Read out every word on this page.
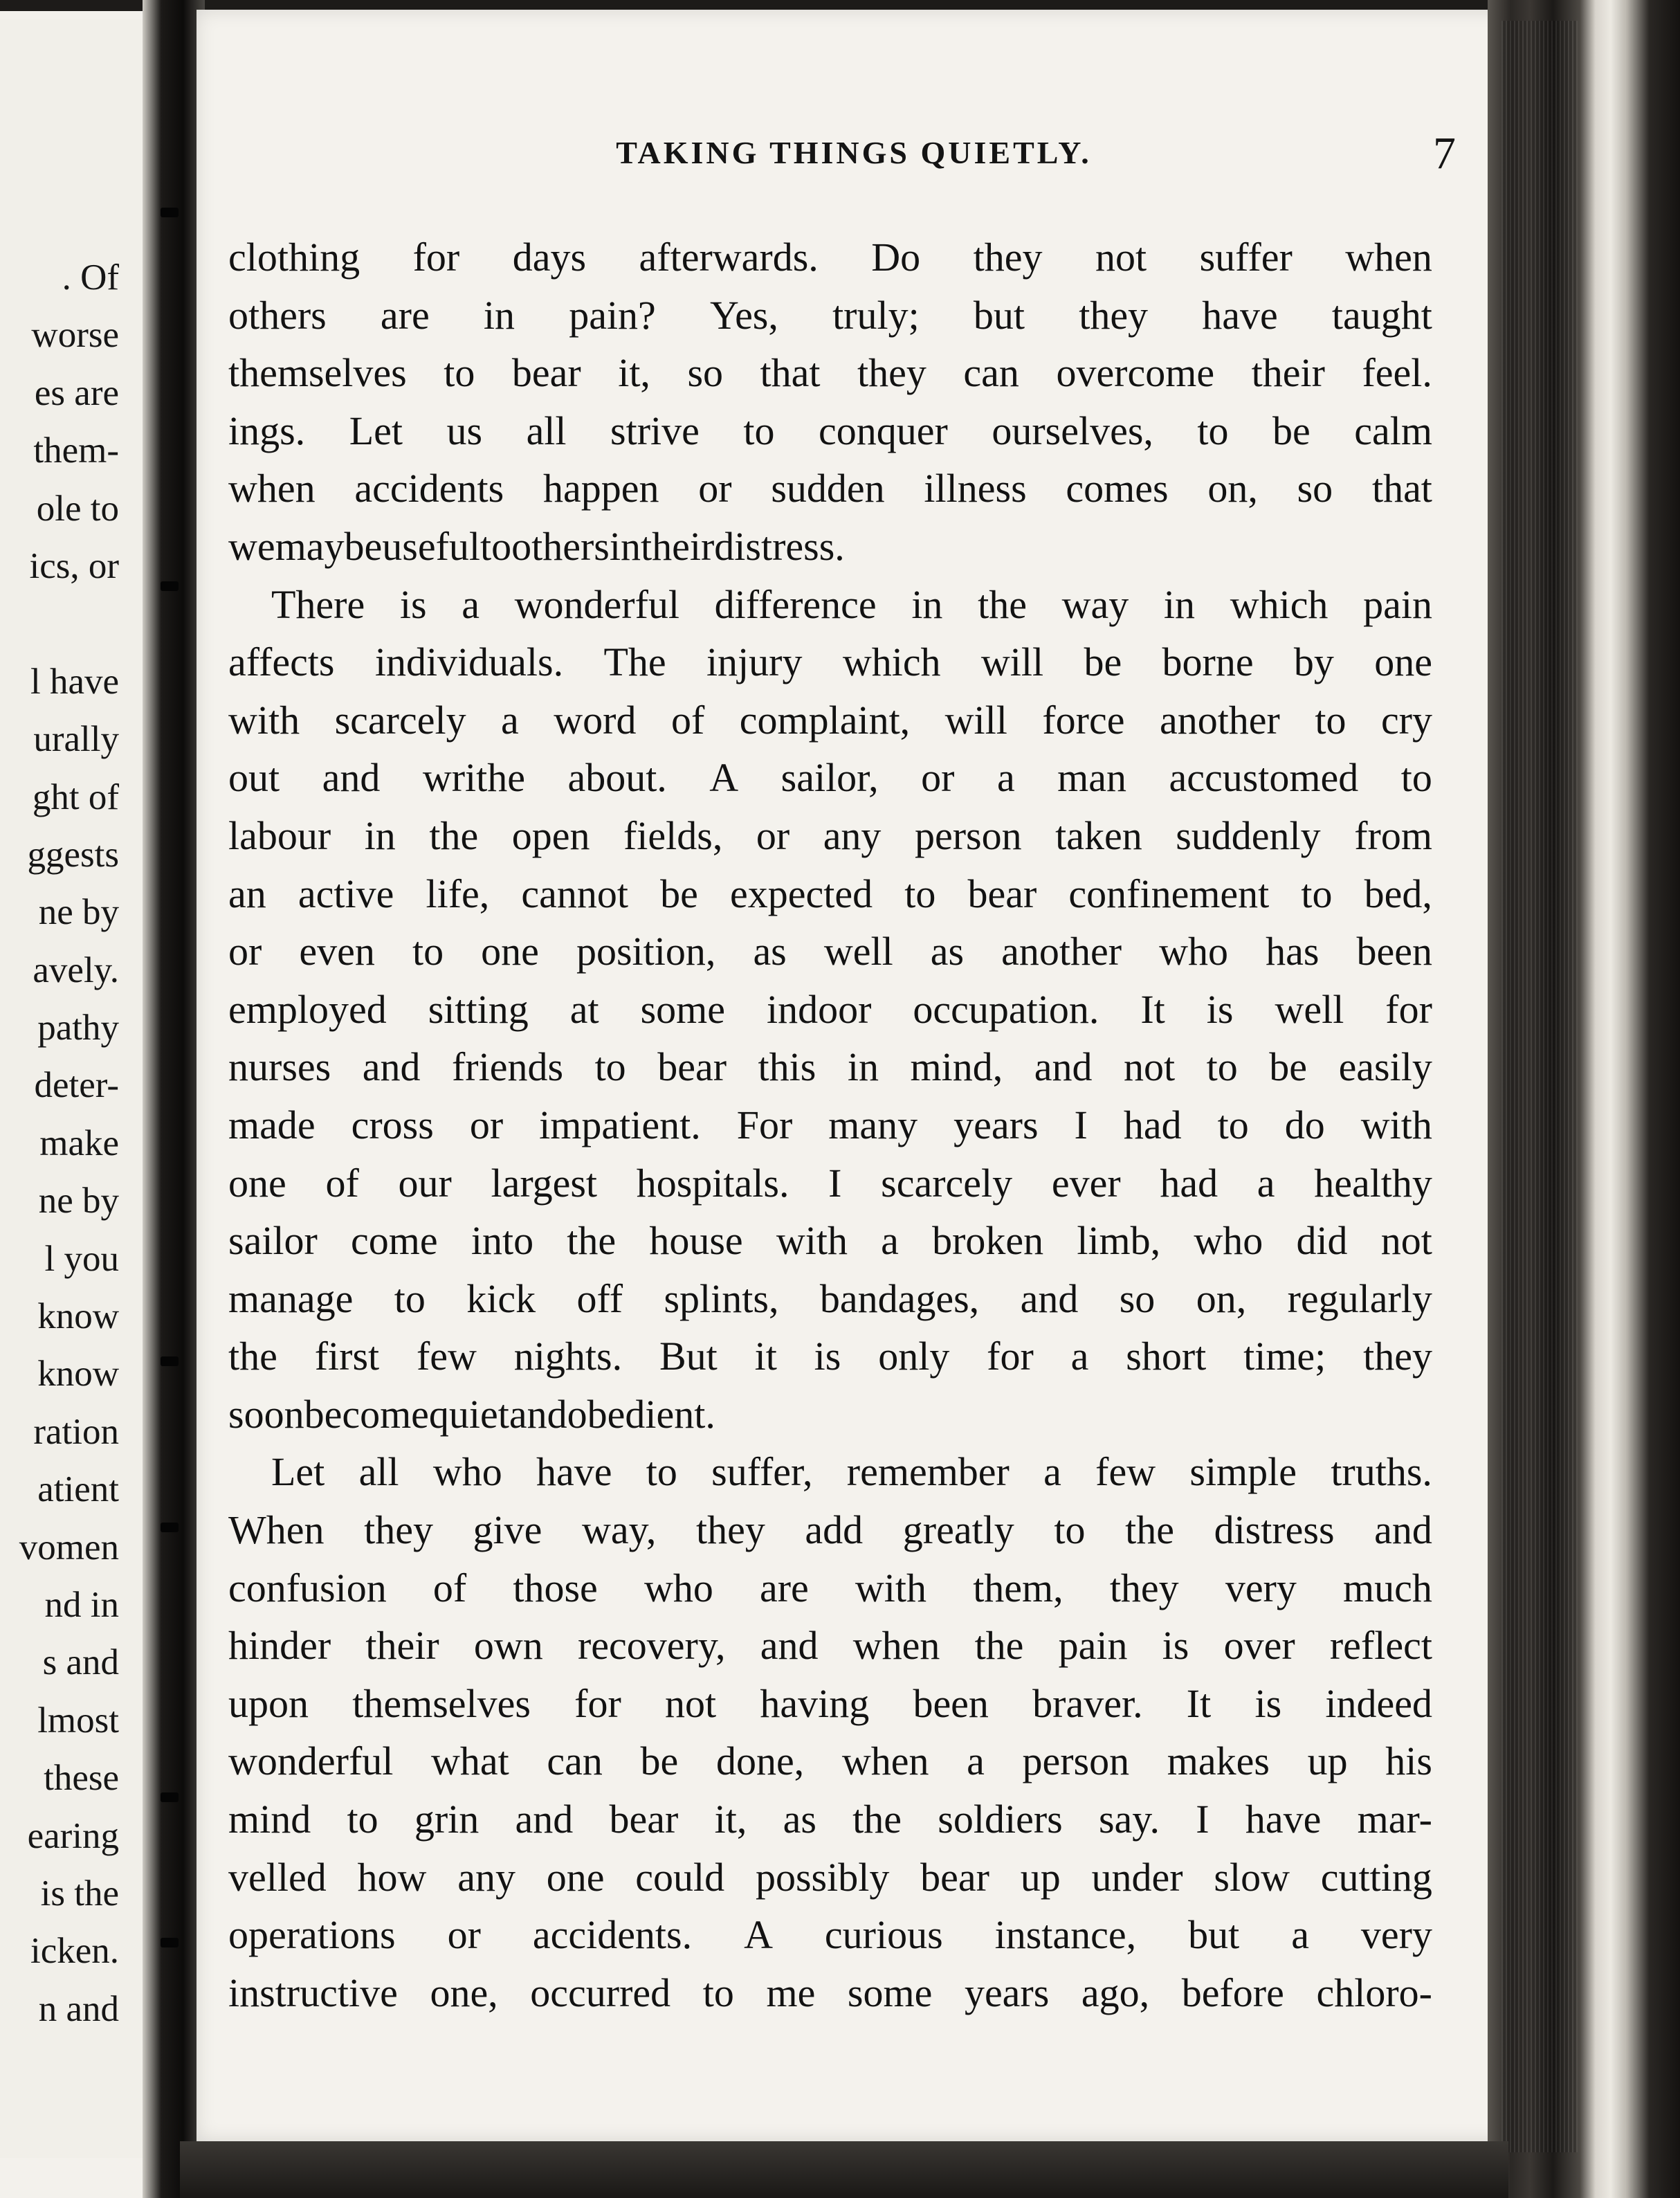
. Of
worse
es are
them-
ole to
ics, or
l have
urally
ght of
ggests
ne by
avely.
pathy
deter-
make
ne by
l you
know
know
ration
atient
vomen
nd in
s and
lmost
these
earing
is the
icken.
n and
TAKING THINGS QUIETLY.	7
clothing for days afterwards. Do they not suffer when
others are in pain? Yes, truly; but they have taught
themselves to bear it, so that they can overcome their feel.
ings. Let us all strive to conquer ourselves, to be calm
when accidents happen or sudden illness comes on, so that
we may be useful to others in their distress.
There is a wonderful difference in the way in which pain
affects individuals. The injury which will be borne by one
with scarcely a word of complaint, will force another to cry
out and writhe about. A sailor, or a man accustomed to
labour in the open fields, or any person taken suddenly from
an active life, cannot be expected to bear confinement to bed,
or even to one position, as well as another who has been
employed sitting at some indoor occupation. It is well for
nurses and friends to bear this in mind, and not to be easily
made cross or impatient. For many years I had to do with
one of our largest hospitals. I scarcely ever had a healthy
sailor come into the house with a broken limb, who did not
manage to kick off splints, bandages, and so on, regularly
the first few nights. But it is only for a short time; they
soon become quiet and obedient.
Let all who have to suffer, remember a few simple truths.
When they give way, they add greatly to the distress and
confusion of those who are with them, they very much
hinder their own recovery, and when the pain is over reflect
upon themselves for not having been braver. It is indeed
wonderful what can be done, when a person makes up his
mind to grin and bear it, as the soldiers say. I have mar-
velled how any one could possibly bear up under slow cutting
operations or accidents. A curious instance, but a very
instructive one, occurred to me some years ago, before chloro-
